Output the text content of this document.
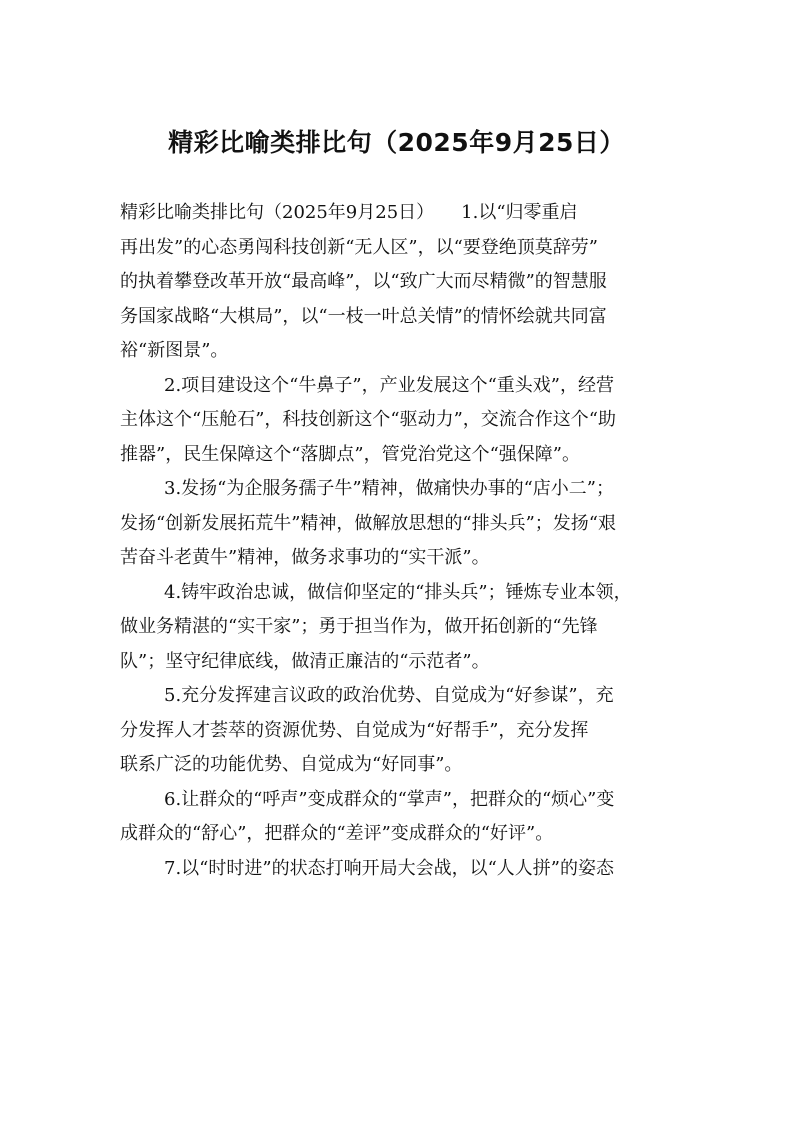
精彩比喻类排比句（2025年9月25日）
精彩比喻类排比句（2025年9月25日）　　1.以“归零重启
再出发”的心态勇闯科技创新“无人区”，以“要登绝顶莫辞劳”
的执着攀登改革开放“最高峰”，以“致广大而尽精微”的智慧服
务国家战略“大棋局”，以“一枝一叶总关情”的情怀绘就共同富
裕“新图景”。
2.项目建设这个“牛鼻子”，产业发展这个“重头戏”，经营
主体这个“压舱石”，科技创新这个“驱动力”，交流合作这个“助
推器”，民生保障这个“落脚点”，管党治党这个“强保障”。
3.发扬“为企服务孺子牛”精神，做痛快办事的“店小二”；
发扬“创新发展拓荒牛”精神，做解放思想的“排头兵”；发扬“艰
苦奋斗老黄牛”精神，做务求事功的“实干派”。
4.铸牢政治忠诚，做信仰坚定的“排头兵”；锤炼专业本领，
做业务精湛的“实干家”；勇于担当作为，做开拓创新的“先锋
队”；坚守纪律底线，做清正廉洁的“示范者”。
5.充分发挥建言议政的政治优势、自觉成为“好参谋”，充
分发挥人才荟萃的资源优势、自觉成为“好帮手”，充分发挥
联系广泛的功能优势、自觉成为“好同事”。
6.让群众的“呼声”变成群众的“掌声”，把群众的“烦心”变
成群众的“舒心”，把群众的“差评”变成群众的“好评”。
7.以“时时进”的状态打响开局大会战，以“人人拼”的姿态
